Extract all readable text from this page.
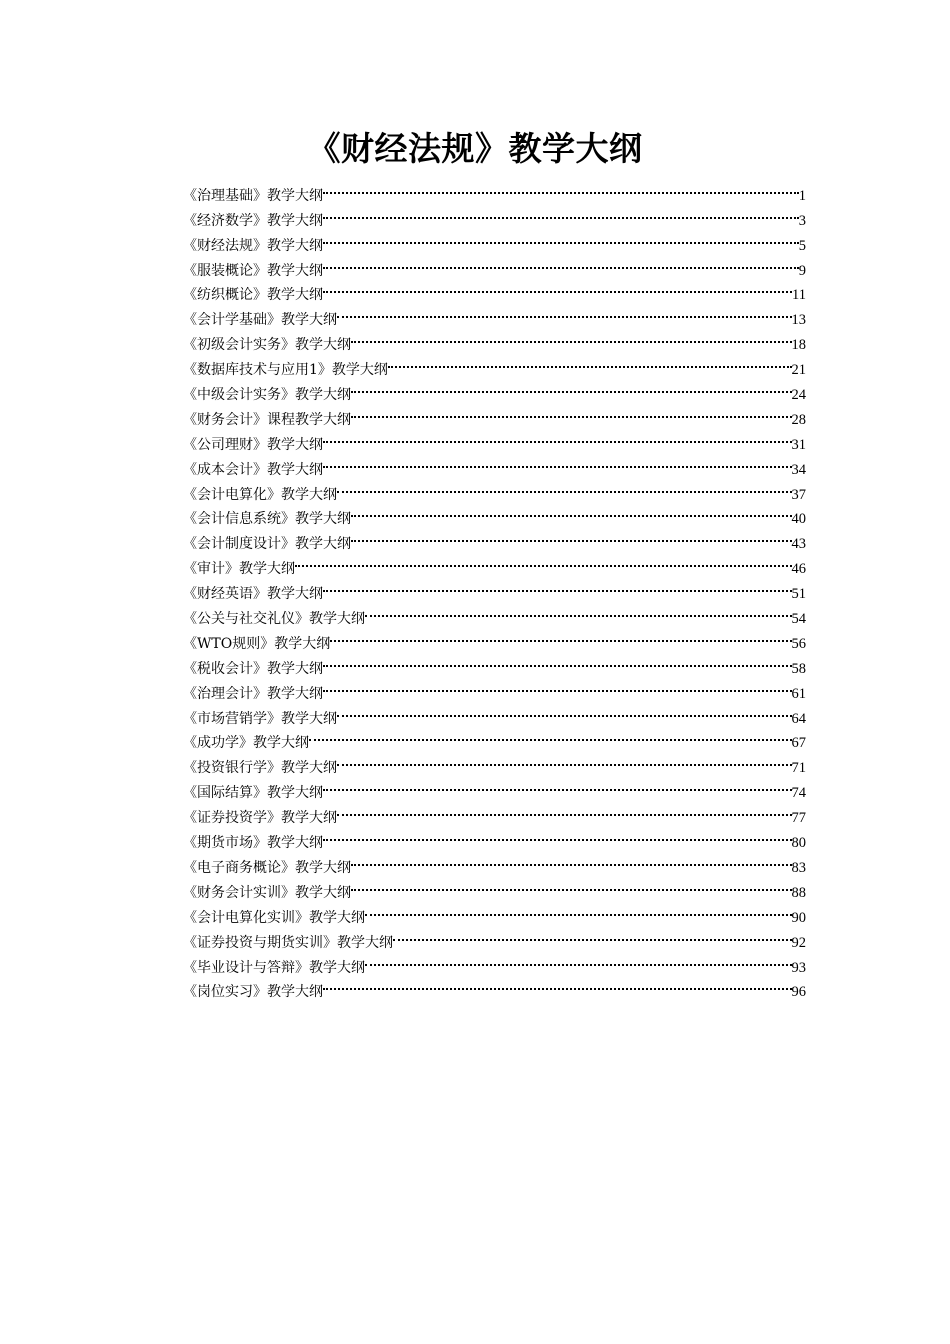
《财经法规》教学大纲
《治理基础》教学大纲	1
《经济数学》教学大纲	3
《财经法规》教学大纲	5
《服装概论》教学大纲	9
《纺织概论》教学大纲	11
《会计学基础》教学大纲	13
《初级会计实务》教学大纲	18
《数据库技术与应用1》教学大纲	21
《中级会计实务》教学大纲	24
《财务会计》课程教学大纲	28
《公司理财》教学大纲	31
《成本会计》教学大纲	34
《会计电算化》教学大纲	37
《会计信息系统》教学大纲	40
《会计制度设计》教学大纲	43
《审计》教学大纲	46
《财经英语》教学大纲	51
《公关与社交礼仪》教学大纲	54
《WTO规则》教学大纲	56
《税收会计》教学大纲	58
《治理会计》教学大纲	61
《市场营销学》教学大纲	64
《成功学》教学大纲	67
《投资银行学》教学大纲	71
《国际结算》教学大纲	74
《证券投资学》教学大纲	77
《期货市场》教学大纲	80
《电子商务概论》教学大纲	83
《财务会计实训》教学大纲	88
《会计电算化实训》教学大纲	90
《证券投资与期货实训》教学大纲	92
《毕业设计与答辩》教学大纲	93
《岗位实习》教学大纲	96
